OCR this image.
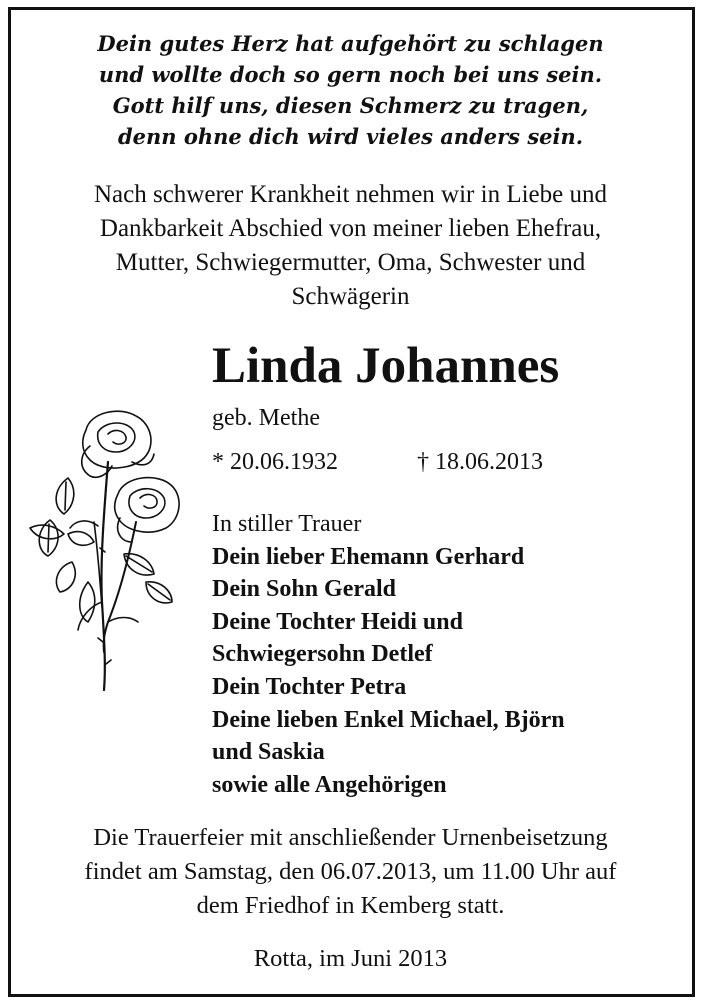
Dein gutes Herz hat aufgehört zu schlagen
und wollte doch so gern noch bei uns sein.
Gott hilf uns, diesen Schmerz zu tragen,
denn ohne dich wird vieles anders sein.
Nach schwerer Krankheit nehmen wir in Liebe und
Dankbarkeit Abschied von meiner lieben Ehefrau,
Mutter, Schwiegermutter, Oma, Schwester und
Schwägerin
Linda Johannes
geb. Methe
* 20.06.1932	† 18.06.2013
In stiller Trauer
Dein lieber Ehemann Gerhard
Dein Sohn Gerald
Deine Tochter Heidi und
Schwiegersohn Detlef
Dein Tochter Petra
Deine lieben Enkel Michael, Björn
und Saskia
sowie alle Angehörigen
Die Trauerfeier mit anschließender Urnenbeisetzung
findet am Samstag, den 06.07.2013, um 11.00 Uhr auf
dem Friedhof in Kemberg statt.
Rotta, im Juni 2013
